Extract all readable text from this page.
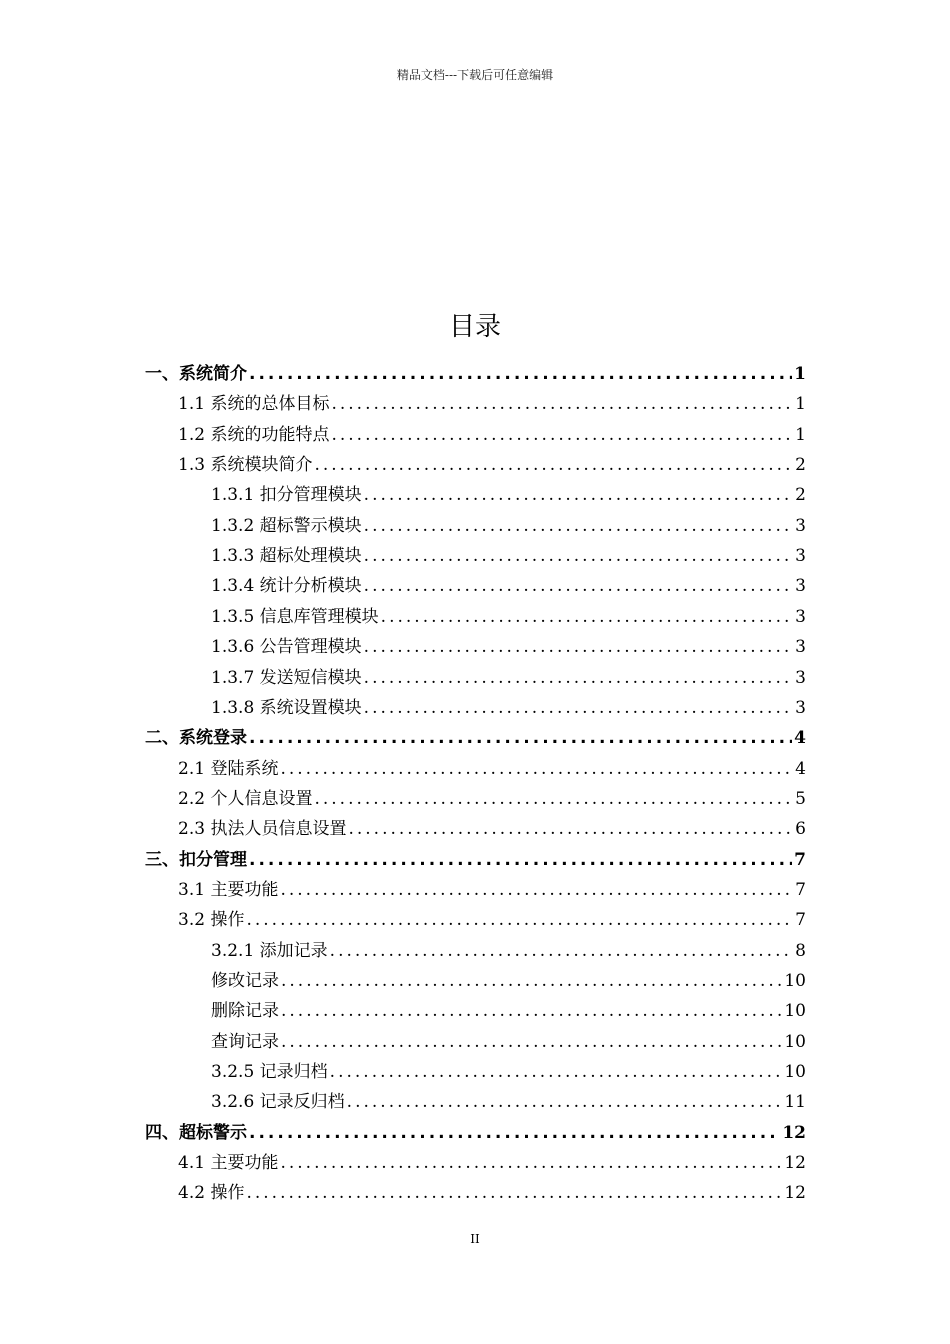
精品文档---下载后可任意编辑
目录
一、系统简介 .....	1
1.1 系统的总体目标 .....	1
1.2 系统的功能特点 .....	1
1.3 系统模块简介 .....	2
1.3.1 扣分管理模块 .....	2
1.3.2 超标警示模块 .....	3
1.3.3 超标处理模块 .....	3
1.3.4 统计分析模块 .....	3
1.3.5 信息库管理模块 .....	3
1.3.6 公告管理模块 .....	3
1.3.7 发送短信模块 .....	3
1.3.8 系统设置模块 .....	3
二、系统登录 .....	4
2.1 登陆系统 .....	4
2.2 个人信息设置 .....	5
2.3 执法人员信息设置 .....	6
三、扣分管理 .....	7
3.1 主要功能 .....	7
3.2 操作 .....	7
3.2.1 添加记录 .....	8
修改记录 .....	10
删除记录 .....	10
查询记录 .....	10
3.2.5 记录归档 .....	10
3.2.6 记录反归档 .....	11
四、超标警示 .....	12
4.1 主要功能 .....	12
4.2 操作 .....	12
II
